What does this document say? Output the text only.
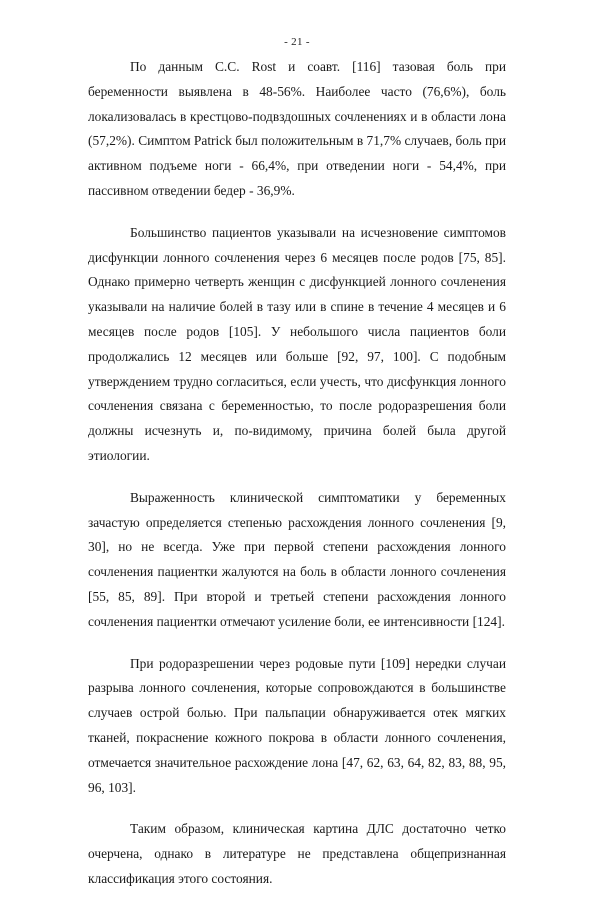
- 21 -

По данным C.C. Rost и соавт. [116] тазовая боль при беременности выявлена в 48-56%. Наиболее часто (76,6%), боль локализовалась в крестцово-подвздошных сочленениях и в области лона (57,2%). Симптом Patrick был положительным в 71,7% случаев, боль при активном подъеме ноги - 66,4%, при отведении ноги - 54,4%, при пассивном отведении бедер - 36,9%.

Большинство пациентов указывали на исчезновение симптомов дисфункции лонного сочленения через 6 месяцев после родов [75, 85]. Однако примерно четверть женщин с дисфункцией лонного сочленения указывали на наличие болей в тазу или в спине в течение 4 месяцев и 6 месяцев после родов [105]. У небольшого числа пациентов боли продолжались 12 месяцев или больше [92, 97, 100]. С подобным утверждением трудно согласиться, если учесть, что дисфункция лонного сочленения связана с беременностью, то после родоразрешения боли должны исчезнуть и, по-видимому, причина болей была другой этиологии.

Выраженность клинической симптоматики у беременных зачастую определяется степенью расхождения лонного сочленения [9, 30], но не всегда. Уже при первой степени расхождения лонного сочленения пациентки жалуются на боль в области лонного сочленения [55, 85, 89]. При второй и третьей степени расхождения лонного сочленения пациентки отмечают усиление боли, ее интенсивности [124].

При родоразрешении через родовые пути [109] нередки случаи разрыва лонного сочленения, которые сопровождаются в большинстве случаев острой болью. При пальпации обнаруживается отек мягких тканей, покраснение кожного покрова в области лонного сочленения, отмечается значительное расхождение лона [47, 62, 63, 64, 82, 83, 88, 95, 96, 103].

Таким образом, клиническая картина ДЛС достаточно четко очерчена, однако в литературе не представлена общепризнанная классификация этого состояния.
